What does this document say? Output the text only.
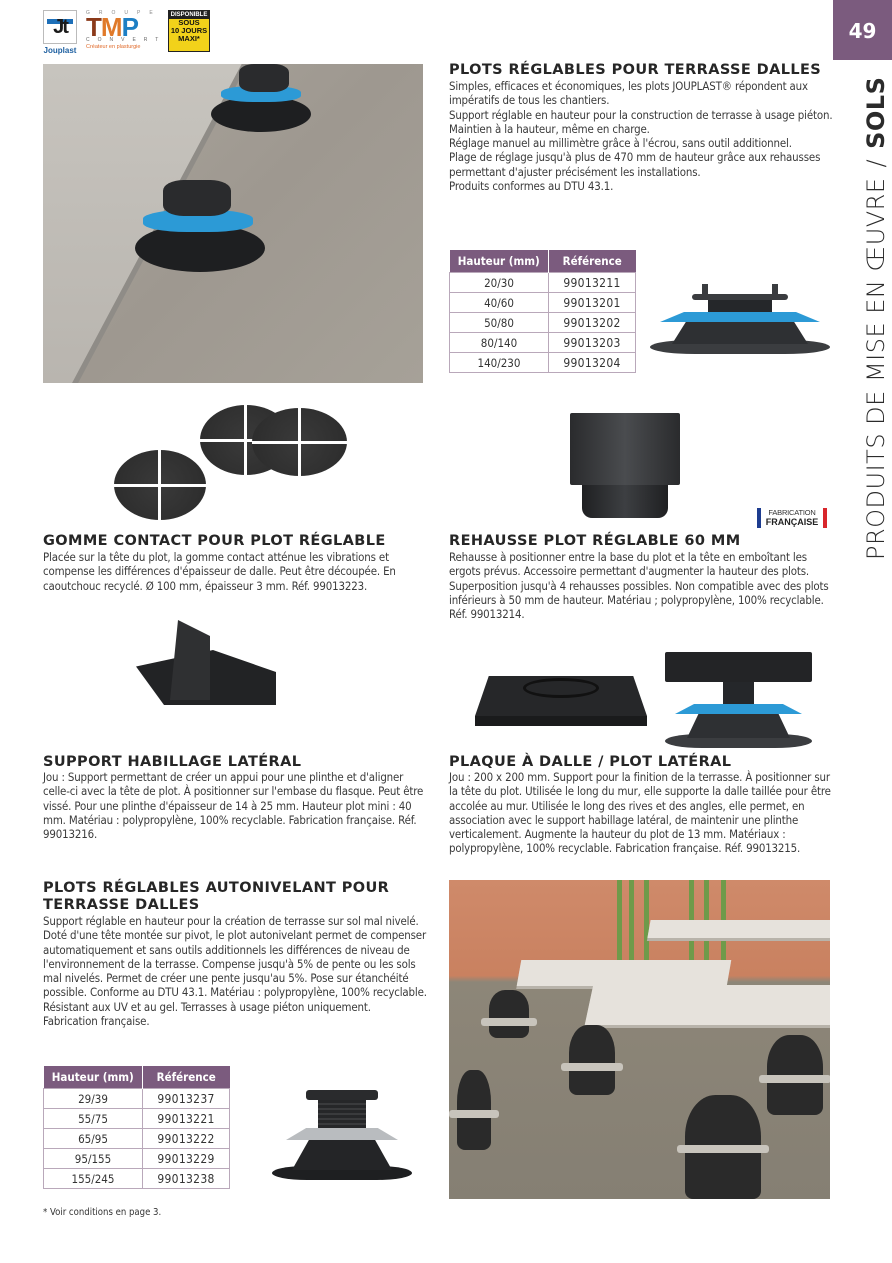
Jt
Jouplast
GROUPE
TMP
CONVERT
Créateur en plasturgie
DISPONIBLE
SOUS
10 JOURS
MAXI*	49
PRODUITS DE MISE EN ŒUVRE/SOLS
PLOTS RÉGLABLES POUR TERRASSE DALLES

Simples, efficaces et économiques, les plots JOUPLAST® répondent aux impératifs de tous les chantiers.

Support réglable en hauteur pour la construction de terrasse à usage piéton.

Maintien à la hauteur, même en charge.

Réglage manuel au millimètre grâce à l'écrou, sans outil additionnel.

Plage de réglage jusqu'à plus de 470 mm de hauteur grâce aux rehausses permettant d'ajuster précisément les installations.

Produits conformes au DTU 43.1.

Hauteur (mm)	Référence
20/30	99013211
40/60	99013201
50/80	99013202
80/140	99013203
140/230	99013204
GOMME CONTACT POUR PLOT RÉGLABLE
Placée sur la tête du plot, la gomme contact atténue les vibrations et compense les différences d'épaisseur de dalle. Peut être découpée. En caoutchouc recyclé. Ø 100 mm, épaisseur 3 mm. Réf. 99013223.
FABRICATION
FRANÇAISE
REHAUSSE PLOT RÉGLABLE 60 MM
Rehausse à positionner entre la base du plot et la tête en emboîtant les ergots prévus. Accessoire permettant d'augmenter la hauteur des plots. Superposition jusqu'à 4 rehausses possibles. Non compatible avec des plots inférieurs à 50 mm de hauteur. Matériau ; polypropylène, 100% recyclable. Réf. 99013214.
SUPPORT HABILLAGE LATÉRAL
Jou : Support permettant de créer un appui pour une plinthe et d'aligner celle-ci avec la tête de plot. À positionner sur l'embase du flasque. Peut être vissé. Pour une plinthe d'épaisseur de 14 à 25 mm. Hauteur plot mini : 40 mm. Matériau : polypropylène, 100% recyclable. Fabrication française. Réf. 99013216.
PLAQUE À DALLE / PLOT LATÉRAL
Jou : 200 x 200 mm. Support pour la finition de la terrasse. À positionner sur la tête du plot. Utilisée le long du mur, elle supporte la dalle taillée pour être accolée au mur. Utilisée le long des rives et des angles, elle permet, en association avec le support habillage latéral, de maintenir une plinthe verticalement. Augmente la hauteur du plot de 13 mm. Matériaux : polypropylène, 100% recyclable. Fabrication française. Réf. 99013215.
PLOTS RÉGLABLES AUTONIVELANT POUR
TERRASSE DALLES
Support réglable en hauteur pour la création de terrasse sur sol mal nivelé. Doté d'une tête montée sur pivot, le plot autonivelant permet de compenser automatiquement et sans outils additionnels les différences de niveau de l'environnement de la terrasse. Compense jusqu'à 5% de pente ou les sols mal nivelés. Permet de créer une pente jusqu'au 5%. Pose sur étanchéité possible. Conforme au DTU 43.1. Matériau : polypropylène, 100% recyclable. Résistant aux UV et au gel. Terrasses à usage piéton uniquement. Fabrication française.
Hauteur (mm)	Référence
29/39	99013237
55/75	99013221
65/95	99013222
95/155	99013229
155/245	99013238
* Voir conditions en page 3.
